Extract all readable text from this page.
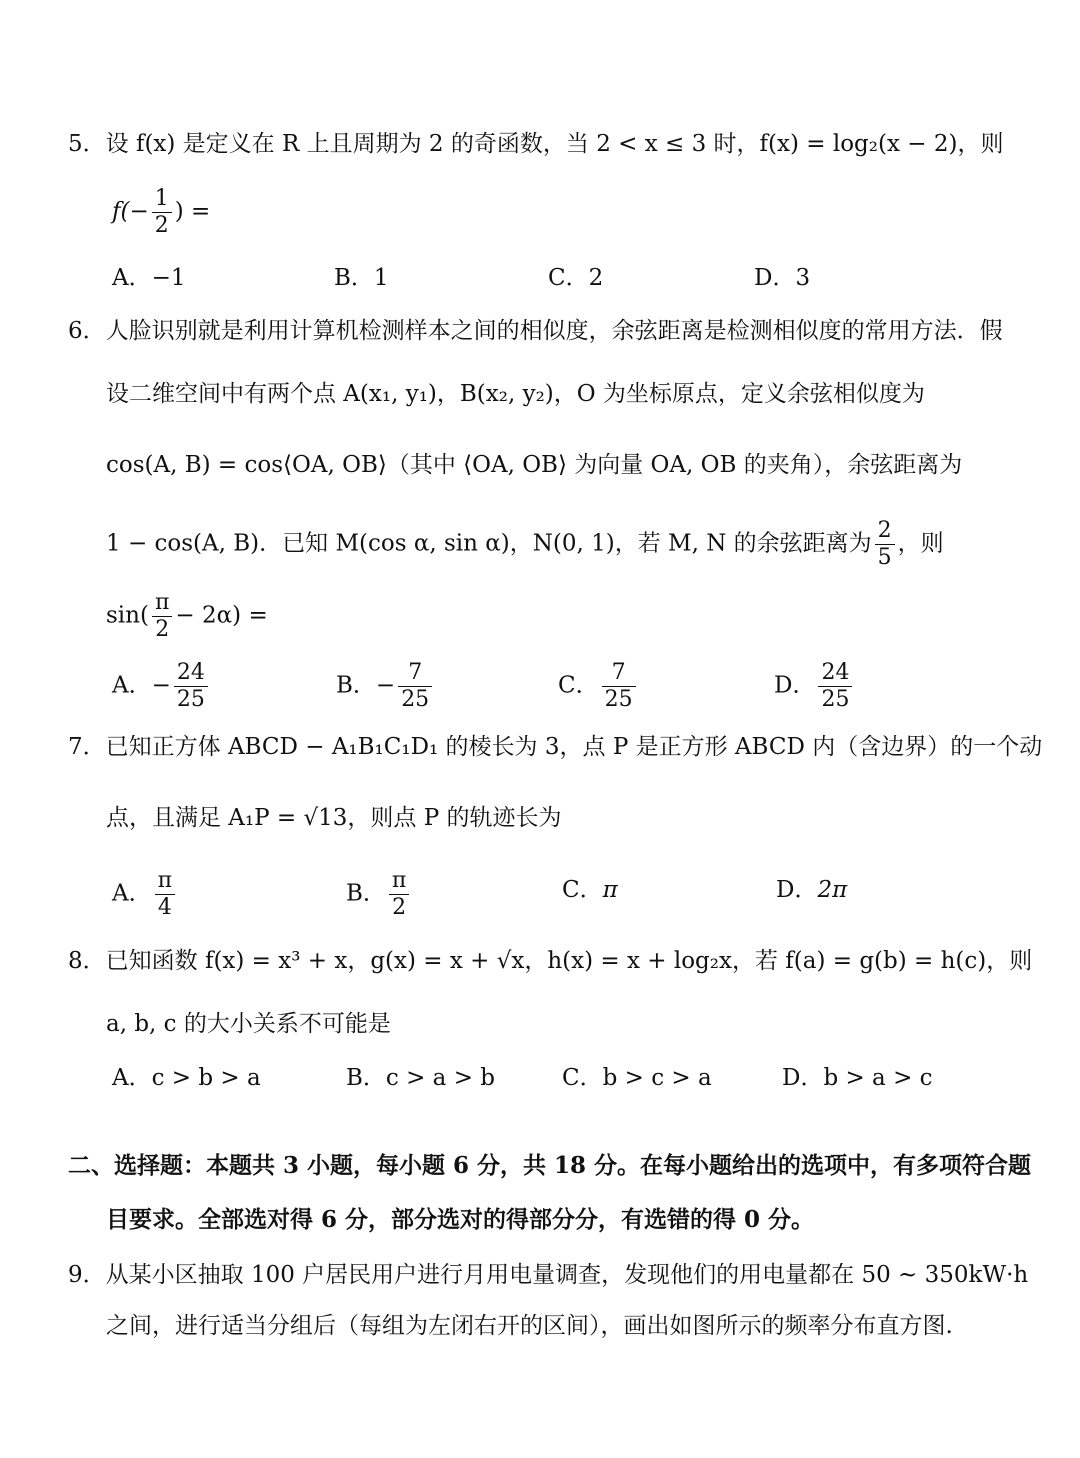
5．设 f(x) 是定义在 R 上且周期为 2 的奇函数，当 2 < x ≤ 3 时，f(x) = log₂(x − 2)，则
$f(- \frac{1}{2}$ ) =
A．−1	B．1	C．2	D．3
6．人脸识别就是利用计算机检测样本之间的相似度，余弦距离是检测相似度的常用方法．假
设二维空间中有两个点 A(x₁, y₁)，B(x₂, y₂)，O 为坐标原点，定义余弦相似度为
cos(A, B) = cos⟨OA, OB⟩（其中 ⟨OA, OB⟩ 为向量 OA, OB 的夹角），余弦距离为
1 − cos(A, B)．已知 M(cos α, sin α)，N(0, 1)，若 M, N 的余弦距离为 $\frac{2}{5}$ ，则
$\sin( \frac{\pi}{2} - 2\alpha)$ =
A．− $\frac{24}{25}$	B．− $\frac{7}{25}$	C． $\frac{7}{25}$	D． $\frac{24}{25}$
7．已知正方体 ABCD − A₁B₁C₁D₁ 的棱长为 3，点 P 是正方形 ABCD 内（含边界）的一个动
点，且满足 A₁P = √13，则点 P 的轨迹长为
A． $\frac{\pi}{4}$	B． $\frac{\pi}{2}$	C．π	D．2π
8．已知函数 f(x) = x³ + x，g(x) = x + √x，h(x) = x + log₂x，若 f(a) = g(b) = h(c)，则
a, b, c 的大小关系不可能是
A．c > b > a	B．c > a > b	C．b > c > a	D．b > a > c
二、选择题：本题共 3 小题，每小题 6 分，共 18 分。在每小题给出的选项中，有多项符合题
目要求。全部选对得 6 分，部分选对的得部分分，有选错的得 0 分。
9．从某小区抽取 100 户居民用户进行月用电量调查，发现他们的用电量都在 50 ~ 350kW·h
之间，进行适当分组后（每组为左闭右开的区间），画出如图所示的频率分布直方图.
